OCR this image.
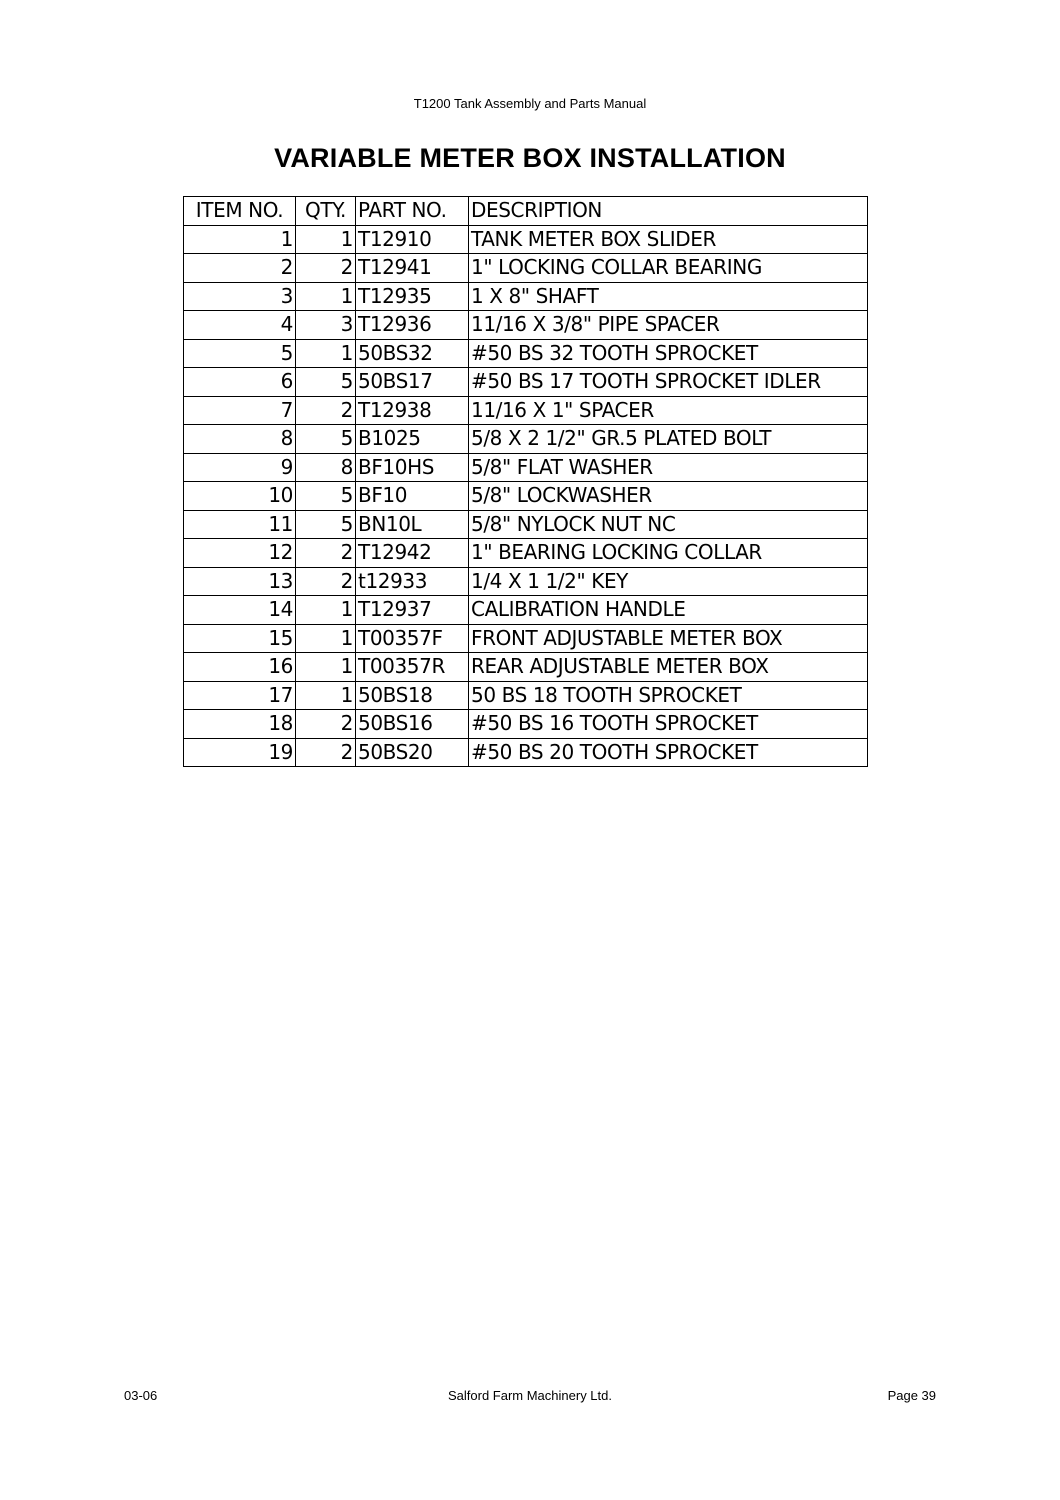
T1200 Tank Assembly and Parts Manual
VARIABLE METER BOX INSTALLATION
ITEM NO.	QTY.	PART NO.	DESCRIPTION
1	1	T12910	TANK METER BOX SLIDER
2	2	T12941	1" LOCKING COLLAR BEARING
3	1	T12935	1 X 8" SHAFT
4	3	T12936	11/16 X 3/8" PIPE SPACER
5	1	50BS32	#50 BS 32 TOOTH SPROCKET
6	5	50BS17	#50 BS 17 TOOTH SPROCKET IDLER
7	2	T12938	11/16 X 1" SPACER
8	5	B1025	5/8 X 2 1/2" GR.5 PLATED BOLT
9	8	BF10HS	5/8" FLAT WASHER
10	5	BF10	5/8" LOCKWASHER
11	5	BN10L	5/8" NYLOCK NUT NC
12	2	T12942	1" BEARING LOCKING COLLAR
13	2	t12933	1/4 X 1 1/2" KEY
14	1	T12937	CALIBRATION HANDLE
15	1	T00357F	FRONT ADJUSTABLE METER BOX
16	1	T00357R	REAR ADJUSTABLE METER BOX
17	1	50BS18	50 BS 18 TOOTH SPROCKET
18	2	50BS16	#50 BS 16 TOOTH SPROCKET
19	2	50BS20	#50 BS 20 TOOTH SPROCKET
03-06	Salford Farm Machinery Ltd.	Page 39
